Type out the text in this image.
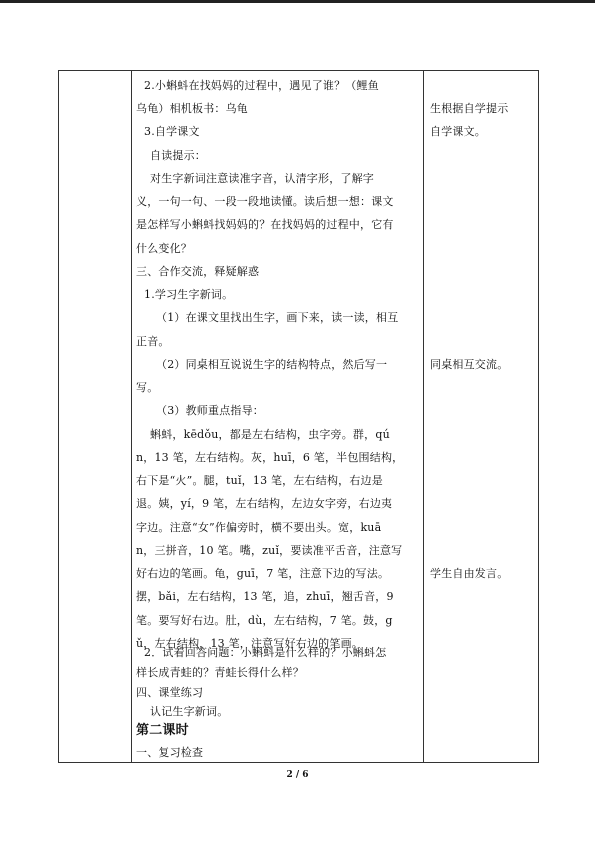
2.小蝌蚪在找妈妈的过程中，遇见了谁？（鲤鱼
乌龟）相机板书：乌龟
3.自学课文
自读提示：
对生字新词注意读准字音，认清字形，了解字
义，一句一句、一段一段地读懂。读后想一想：课文
是怎样写小蝌蚪找妈妈的？在找妈妈的过程中，它有
什么变化？
三、合作交流，释疑解惑
1.学习生字新词。
（1）在课文里找出生字，画下来，读一读，相互
正音。
（2）同桌相互说说生字的结构特点，然后写一
写。
（3）教师重点指导：
蝌蚪，kēdǒu，都是左右结构，虫字旁。群，qú
n，13 笔，左右结构。灰，huī，6 笔，半包围结构，
右下是“火”。腿，tuǐ，13 笔，左右结构，右边是
退。姨，yí，9 笔，左右结构，左边女字旁，右边夷
字边。注意“女”作偏旁时，横不要出头。宽，kuā
n，三拼音，10 笔。嘴，zuǐ，要读准平舌音，注意写
好右边的笔画。龟，guī，7 笔，注意下边的写法。
摆，bǎi，左右结构，13 笔，追，zhuī，翘舌音，9
笔。要写好右边。肚，dù，左右结构，7 笔。鼓，g
ǔ，左右结构，13 笔，注意写好右边的笔画。
2．试着回答问题：小蝌蚪是什么样的？小蝌蚪怎
样长成青蛙的？青蛙长得什么样？
四、课堂练习
认记生字新词。
第二课时
生根据自学提示
自学课文。
同桌相互交流。
学生自由发言。
2 / 6
一、复习检查
